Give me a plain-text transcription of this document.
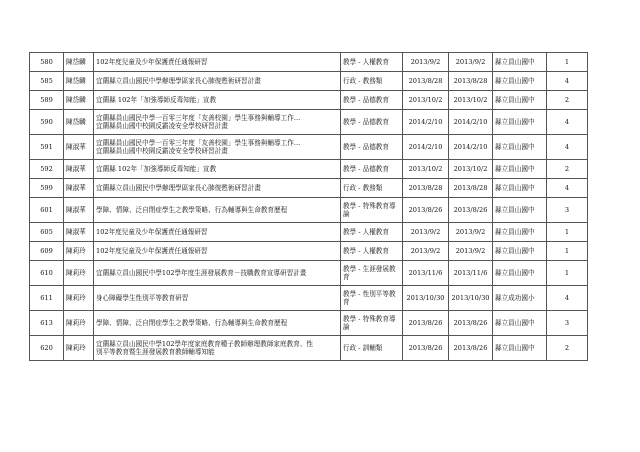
580	陳岱麟	102年度兒童及少年保護責任通報研習	教學 - 人權教育	2013/9/2	2013/9/2	縣立員山國中	1
585	陳岱麟	宜蘭縣立員山國民中學辦理學區家長心肺復甦術研習計畫	行政 - 教務類	2013/8/28	2013/8/28	縣立員山國中	4
589	陳岱麟	宜蘭縣 102年「加強導師反毒知能」宣教	教學 - 品德教育	2013/10/2	2013/10/2	縣立員山國中	2
590	陳岱麟	宜蘭縣員山國民中學一百零三年度「友善校園」學生事務與輔導工作…
宜蘭縣員山國中校園反霸凌安全學校研習計畫	教學 - 品德教育	2014/2/10	2014/2/10	縣立員山國中	4
591	陳淑華	宜蘭縣員山國民中學一百零三年度「友善校園」學生事務與輔導工作…
宜蘭縣員山國中校園反霸凌安全學校研習計畫	教學 - 品德教育	2014/2/10	2014/2/10	縣立員山國中	4
592	陳淑華	宜蘭縣 102年「加強導師反毒知能」宣教	教學 - 品德教育	2013/10/2	2013/10/2	縣立員山國中	2
599	陳淑華	宜蘭縣立員山國民中學辦理學區家長心肺復甦術研習計畫	行政 - 教務類	2013/8/28	2013/8/28	縣立員山國中	4
601	陳淑華	學障、情障、泛自閉症學生之教學策略、行為輔導與生命教育歷程	教學 - 特殊教育導論	2013/8/26	2013/8/26	縣立員山國中	3
605	陳淑華	102年度兒童及少年保護責任通報研習	教學 - 人權教育	2013/9/2	2013/9/2	縣立員山國中	1
609	陳莉玲	102年度兒童及少年保護責任通報研習	教學 - 人權教育	2013/9/2	2013/9/2	縣立員山國中	1
610	陳莉玲	宜蘭縣立員山國民中學102學年度生涯發展教育－技職教育宣導研習計畫	教學 - 生涯發展教育	2013/11/6	2013/11/6	縣立員山國中	1
611	陳莉玲	身心障礙學生性別平等教育研習	教學 - 性別平等教育	2013/10/30	2013/10/30	縣立成功國小	4
613	陳莉玲	學障、情障、泛自閉症學生之教學策略、行為輔導與生命教育歷程	教學 - 特殊教育導論	2013/8/26	2013/8/26	縣立員山國中	3
620	陳莉玲	宜蘭縣立員山國民中學102學年度家庭教育種子教師辦理教師家庭教育、性
別平等教育暨生涯發展教育教師輔導知能	行政 - 訓輔類	2013/8/26	2013/8/26	縣立員山國中	2
